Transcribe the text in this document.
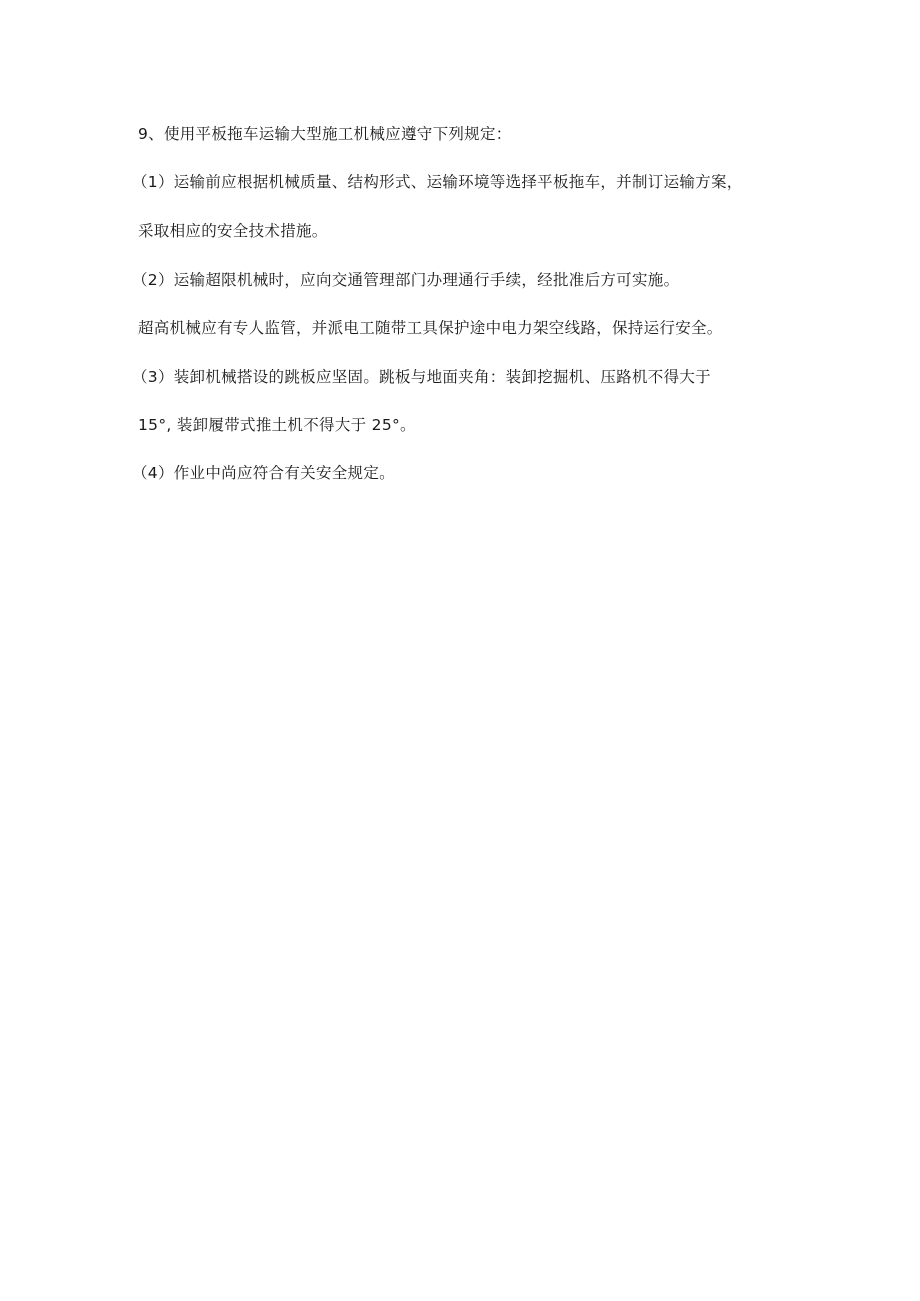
9、使用平板拖车运输大型施工机械应遵守下列规定：
（1）运输前应根据机械质量、结构形式、运输环境等选择平板拖车，并制订运输方案，
采取相应的安全技术措施。
（2）运输超限机械时，应向交通管理部门办理通行手续，经批准后方可实施。
超高机械应有专人监管，并派电工随带工具保护途中电力架空线路，保持运行安全。
（3）装卸机械搭设的跳板应坚固。跳板与地面夹角：装卸挖掘机、压路机不得大于
15°, 装卸履带式推土机不得大于 25°。
（4）作业中尚应符合有关安全规定。
